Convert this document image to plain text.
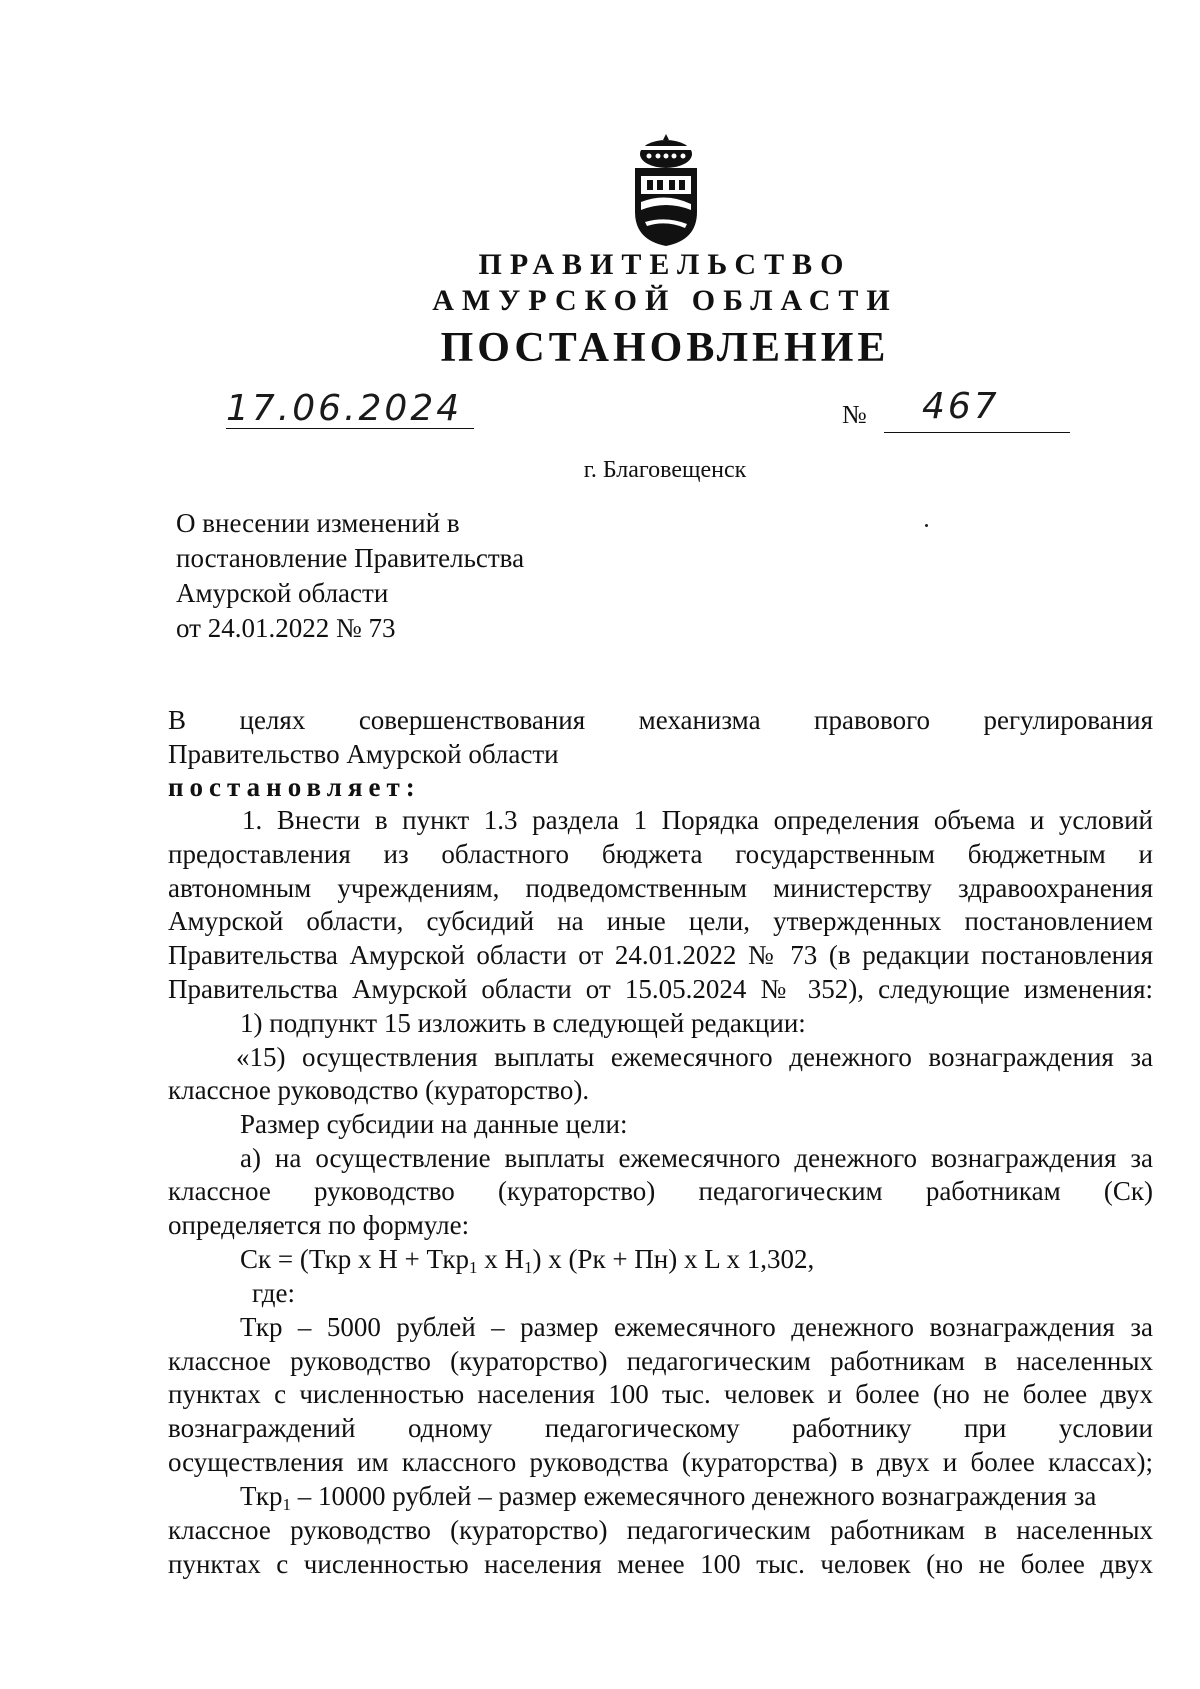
ПРАВИТЕЛЬСТВО
АМУРСКОЙ ОБЛАСТИ
ПОСТАНОВЛЕНИЕ
17.06.2024	№ 467
г. Благовещенск
О внесении изменений в
постановление Правительства
Амурской области
от 24.01.2022 № 73
В целях совершенствования механизма правового регулирования
Правительство Амурской области
постановляет:
1. Внести в пункт 1.3 раздела 1 Порядка определения объема и условий
предоставления из областного бюджета государственным бюджетным и
автономным учреждениям, подведомственным министерству здравоохранения
Амурской области, субсидий на иные цели, утвержденных постановлением
Правительства Амурской области от 24.01.2022 № 73 (в редакции постановления
Правительства Амурской области от 15.05.2024 № 352), следующие изменения:
1) подпункт 15 изложить в следующей редакции:
«15) осуществления выплаты ежемесячного денежного вознаграждения за
классное руководство (кураторство).
Размер субсидии на данные цели:
а) на осуществление выплаты ежемесячного денежного вознаграждения за
классное руководство (кураторство) педагогическим работникам (Ск)
определяется по формуле:
Ск = (Ткр х Н + Ткр$_1$ х $Н_1$) х (Рк + Пн) х L х 1,302,
где:
Ткр – 5000 рублей – размер ежемесячного денежного вознаграждения за
классное руководство (кураторство) педагогическим работникам в населенных
пунктах с численностью населения 100 тыс. человек и более (но не более двух
вознаграждений одному педагогическому работнику при условии
осуществления им классного руководства (кураторства) в двух и более классах);
Ткр$_1$ – 10000 рублей – размер ежемесячного денежного вознаграждения за
классное руководство (кураторство) педагогическим работникам в населенных
пунктах с численностью населения менее 100 тыс. человек (но не более двух
